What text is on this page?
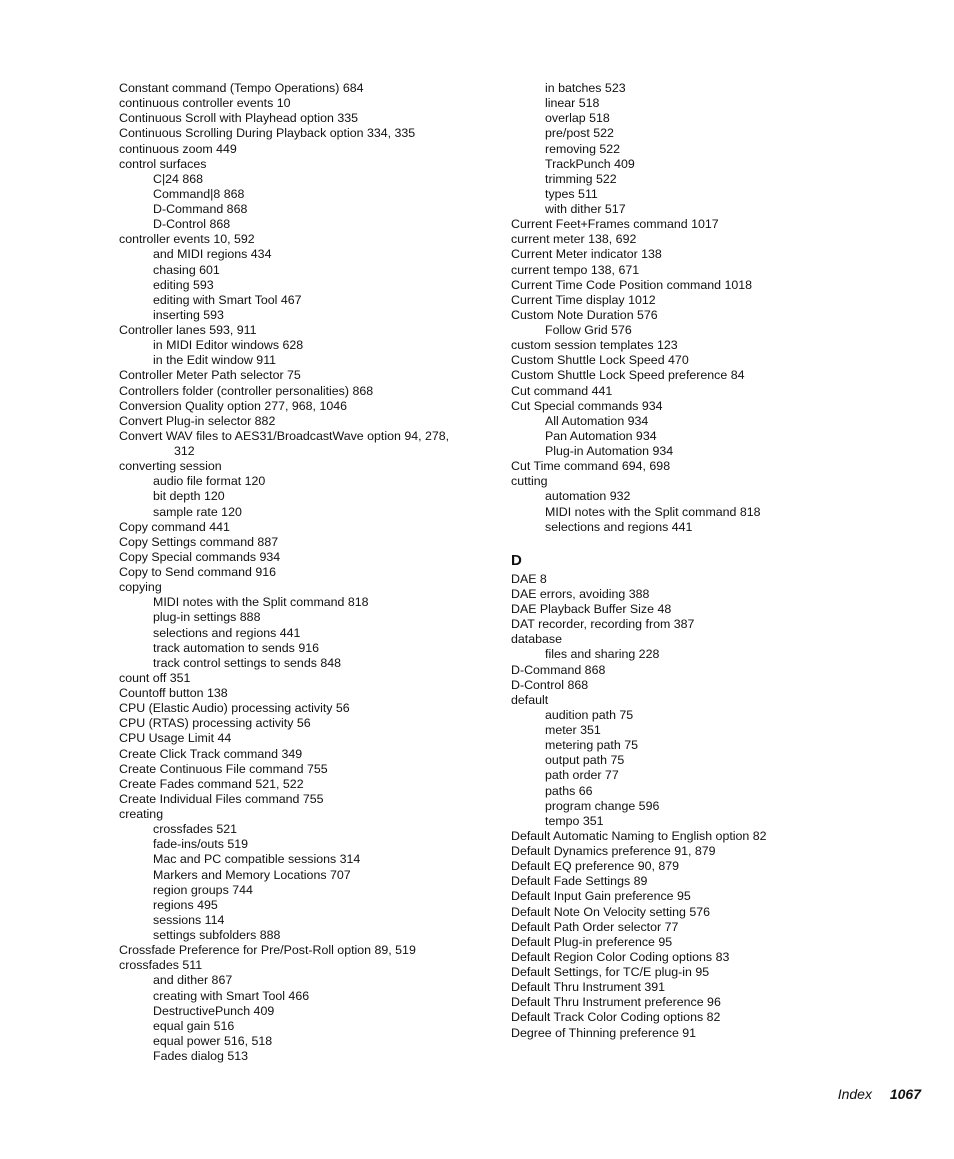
Constant command (Tempo Operations) 684
continuous controller events 10
Continuous Scroll with Playhead option 335
Continuous Scrolling During Playback option 334, 335
continuous zoom 449
control surfaces
C|24 868
Command|8 868
D-Command 868
D-Control 868
controller events 10, 592
and MIDI regions 434
chasing 601
editing 593
editing with Smart Tool 467
inserting 593
Controller lanes 593, 911
in MIDI Editor windows 628
in the Edit window 911
Controller Meter Path selector 75
Controllers folder (controller personalities) 868
Conversion Quality option 277, 968, 1046
Convert Plug-in selector 882
Convert WAV files to AES31/BroadcastWave option 94, 278,
312
converting session
audio file format 120
bit depth 120
sample rate 120
Copy command 441
Copy Settings command 887
Copy Special commands 934
Copy to Send command 916
copying
MIDI notes with the Split command 818
plug-in settings 888
selections and regions 441
track automation to sends 916
track control settings to sends 848
count off 351
Countoff button 138
CPU (Elastic Audio) processing activity 56
CPU (RTAS) processing activity 56
CPU Usage Limit 44
Create Click Track command 349
Create Continuous File command 755
Create Fades command 521, 522
Create Individual Files command 755
creating
crossfades 521
fade-ins/outs 519
Mac and PC compatible sessions 314
Markers and Memory Locations 707
region groups 744
regions 495
sessions 114
settings subfolders 888
Crossfade Preference for Pre/Post-Roll option 89, 519
crossfades 511
and dither 867
creating with Smart Tool 466
DestructivePunch 409
equal gain 516
equal power 516, 518
Fades dialog 513
in batches 523
linear 518
overlap 518
pre/post 522
removing 522
TrackPunch 409
trimming 522
types 511
with dither 517
Current Feet+Frames command 1017
current meter 138, 692
Current Meter indicator 138
current tempo 138, 671
Current Time Code Position command 1018
Current Time display 1012
Custom Note Duration 576
Follow Grid 576
custom session templates 123
Custom Shuttle Lock Speed 470
Custom Shuttle Lock Speed preference 84
Cut command 441
Cut Special commands 934
All Automation 934
Pan Automation 934
Plug-in Automation 934
Cut Time command 694, 698
cutting
automation 932
MIDI notes with the Split command 818
selections and regions 441
D
DAE 8
DAE errors, avoiding 388
DAE Playback Buffer Size 48
DAT recorder, recording from 387
database
files and sharing 228
D-Command 868
D-Control 868
default
audition path 75
meter 351
metering path 75
output path 75
path order 77
paths 66
program change 596
tempo 351
Default Automatic Naming to English option 82
Default Dynamics preference 91, 879
Default EQ preference 90, 879
Default Fade Settings 89
Default Input Gain preference 95
Default Note On Velocity setting 576
Default Path Order selector 77
Default Plug-in preference 95
Default Region Color Coding options 83
Default Settings, for TC/E plug-in 95
Default Thru Instrument 391
Default Thru Instrument preference 96
Default Track Color Coding options 82
Degree of Thinning preference 91
Index 1067
